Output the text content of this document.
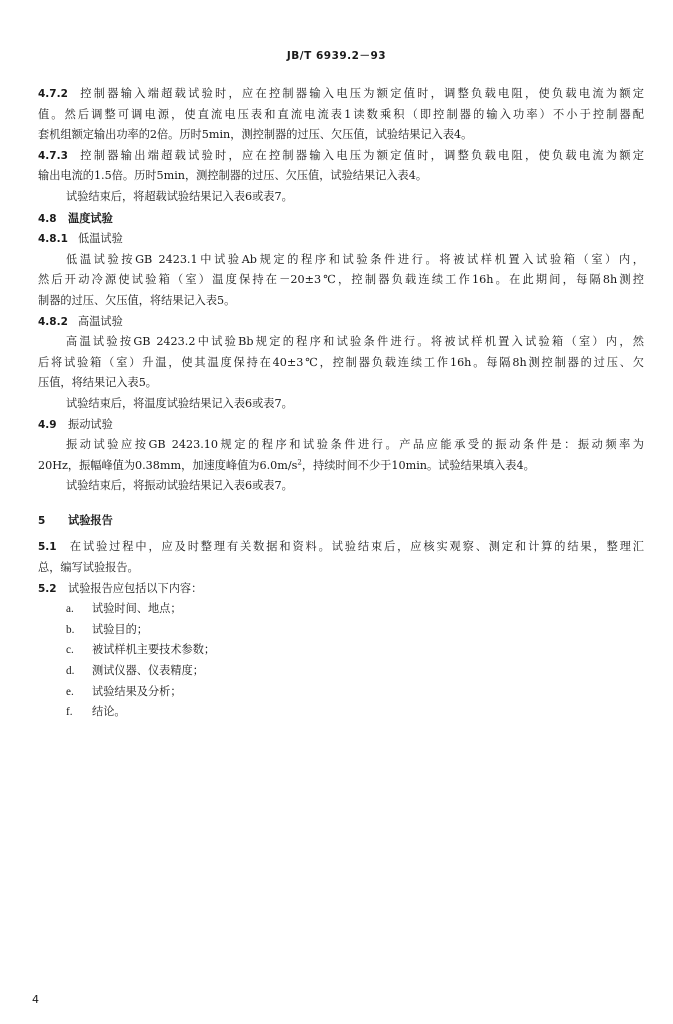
JB/T 6939.2－93
4.7.2 控制器输入端超载试验时，应在控制器输入电压为额定值时，调整负载电阻，使负载电流为额定
值。然后调整可调电源，使直流电压表和直流电流表1读数乘积（即控制器的输入功率）不小于控制器配
套机组额定输出功率的2倍。历时5min，测控制器的过压、欠压值，试验结果记入表4。
4.7.3 控制器输出端超载试验时，应在控制器输入电压为额定值时，调整负载电阻，使负载电流为额定
输出电流的1.5倍。历时5min，测控制器的过压、欠压值，试验结果记入表4。
试验结束后，将超载试验结果记入表6或表7。
4.8 温度试验
4.8.1 低温试验
低温试验按GB 2423.1中试验Ab规定的程序和试验条件进行。将被试样机置入试验箱（室）内，
然后开动冷源使试验箱（室）温度保持在－20±3℃，控制器负载连续工作16h。在此期间，每隔8h测控
制器的过压、欠压值，将结果记入表5。
4.8.2 高温试验
高温试验按GB 2423.2中试验Bb规定的程序和试验条件进行。将被试样机置入试验箱（室）内，然
后将试验箱（室）升温，使其温度保持在40±3℃，控制器负载连续工作16h。每隔8h测控制器的过压、欠
压值，将结果记入表5。
试验结束后，将温度试验结果记入表6或表7。
4.9 振动试验
振动试验应按GB 2423.10规定的程序和试验条件进行。产品应能承受的振动条件是：振动频率为
20Hz，振幅峰值为0.38mm，加速度峰值为$6.0m/s^2$，持续时间不少于10min。试验结果填入表4。
试验结束后，将振动试验结果记入表6或表7。
5 试验报告
5.1 在试验过程中，应及时整理有关数据和资料。试验结束后，应核实观察、测定和计算的结果，整理汇
总，编写试验报告。
5.2 试验报告应包括以下内容：
a. 试验时间、地点；
b. 试验目的；
c. 被试样机主要技术参数；
d. 测试仪器、仪表精度；
e. 试验结果及分析；
f. 结论。
4
